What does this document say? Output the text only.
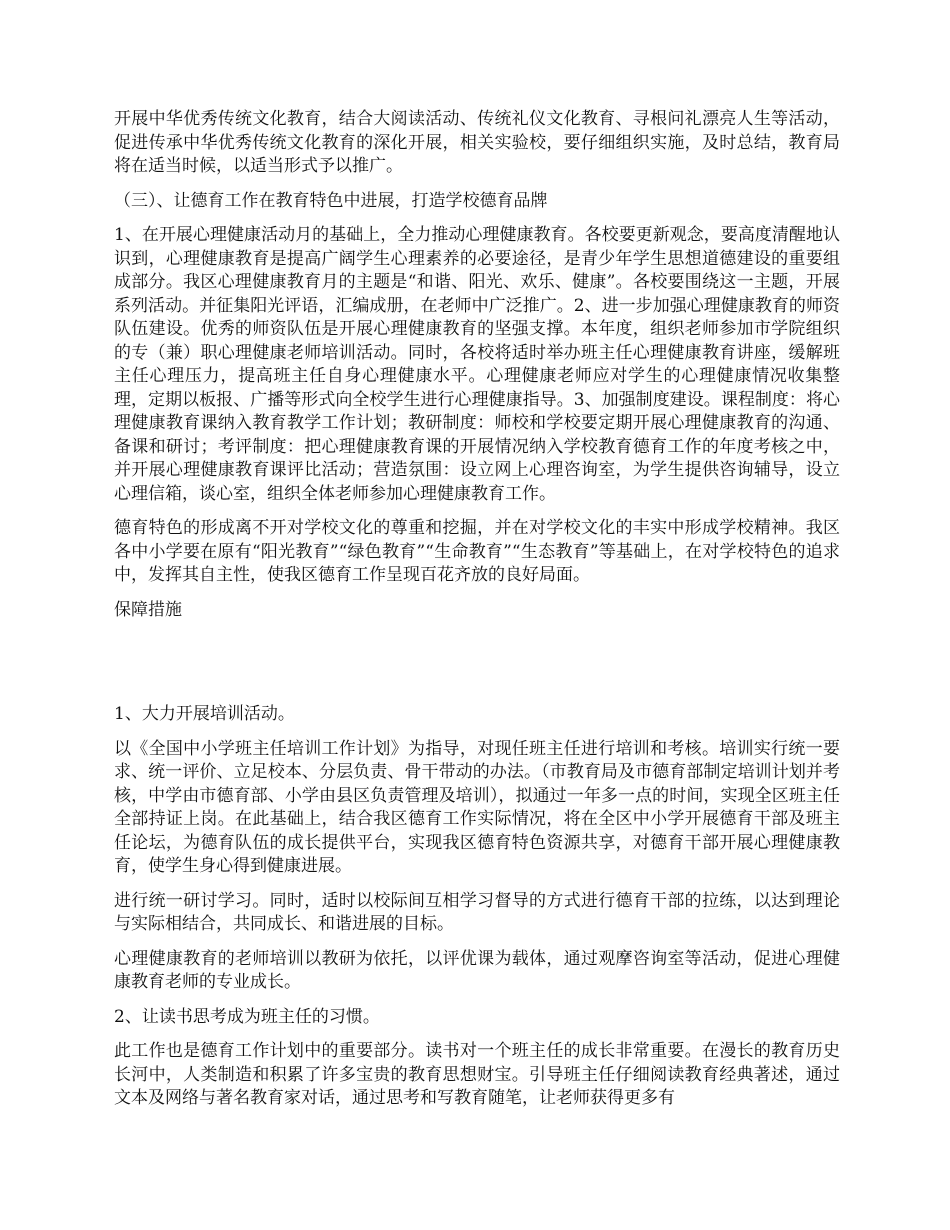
开展中华优秀传统文化教育，结合大阅读活动、传统礼仪文化教育、寻根问礼漂亮人生等活动，促进传承中华优秀传统文化教育的深化开展，相关实验校，要仔细组织实施，及时总结，教育局将在适当时候，以适当形式予以推广。

（三）、让德育工作在教育特色中进展，打造学校德育品牌

1、在开展心理健康活动月的基础上，全力推动心理健康教育。各校要更新观念，要高度清醒地认识到，心理健康教育是提高广阔学生心理素养的必要途径，是青少年学生思想道德建设的重要组成部分。我区心理健康教育月的主题是“和谐、阳光、欢乐、健康”。各校要围绕这一主题，开展系列活动。并征集阳光评语，汇编成册，在老师中广泛推广。2、进一步加强心理健康教育的师资队伍建设。优秀的师资队伍是开展心理健康教育的坚强支撑。本年度，组织老师参加市学院组织的专（兼）职心理健康老师培训活动。同时，各校将适时举办班主任心理健康教育讲座，缓解班主任心理压力，提高班主任自身心理健康水平。心理健康老师应对学生的心理健康情况收集整理，定期以板报、广播等形式向全校学生进行心理健康指导。3、加强制度建设。课程制度：将心理健康教育课纳入教育教学工作计划；教研制度：师校和学校要定期开展心理健康教育的沟通、备课和研讨；考评制度：把心理健康教育课的开展情况纳入学校教育德育工作的年度考核之中，并开展心理健康教育课评比活动；营造氛围：设立网上心理咨询室，为学生提供咨询辅导，设立心理信箱，谈心室，组织全体老师参加心理健康教育工作。

德育特色的形成离不开对学校文化的尊重和挖掘，并在对学校文化的丰实中形成学校精神。我区各中小学要在原有“阳光教育”“绿色教育”“生命教育”“生态教育”等基础上，在对学校特色的追求中，发挥其自主性，使我区德育工作呈现百花齐放的良好局面。

保障措施

1、大力开展培训活动。

以《全国中小学班主任培训工作计划》为指导，对现任班主任进行培训和考核。培训实行统一要求、统一评价、立足校本、分层负责、骨干带动的办法。（市教育局及市德育部制定培训计划并考核，中学由市德育部、小学由县区负责管理及培训），拟通过一年多一点的时间，实现全区班主任全部持证上岗。在此基础上，结合我区德育工作实际情况，将在全区中小学开展德育干部及班主任论坛，为德育队伍的成长提供平台，实现我区德育特色资源共享，对德育干部开展心理健康教育，使学生身心得到健康进展。

进行统一研讨学习。同时，适时以校际间互相学习督导的方式进行德育干部的拉练，以达到理论与实际相结合，共同成长、和谐进展的目标。

心理健康教育的老师培训以教研为依托，以评优课为载体，通过观摩咨询室等活动，促进心理健康教育老师的专业成长。

2、让读书思考成为班主任的习惯。

此工作也是德育工作计划中的重要部分。读书对一个班主任的成长非常重要。在漫长的教育历史长河中，人类制造和积累了许多宝贵的教育思想财宝。引导班主任仔细阅读教育经典著述，通过文本及网络与著名教育家对话，通过思考和写教育随笔，让老师获得更多有
